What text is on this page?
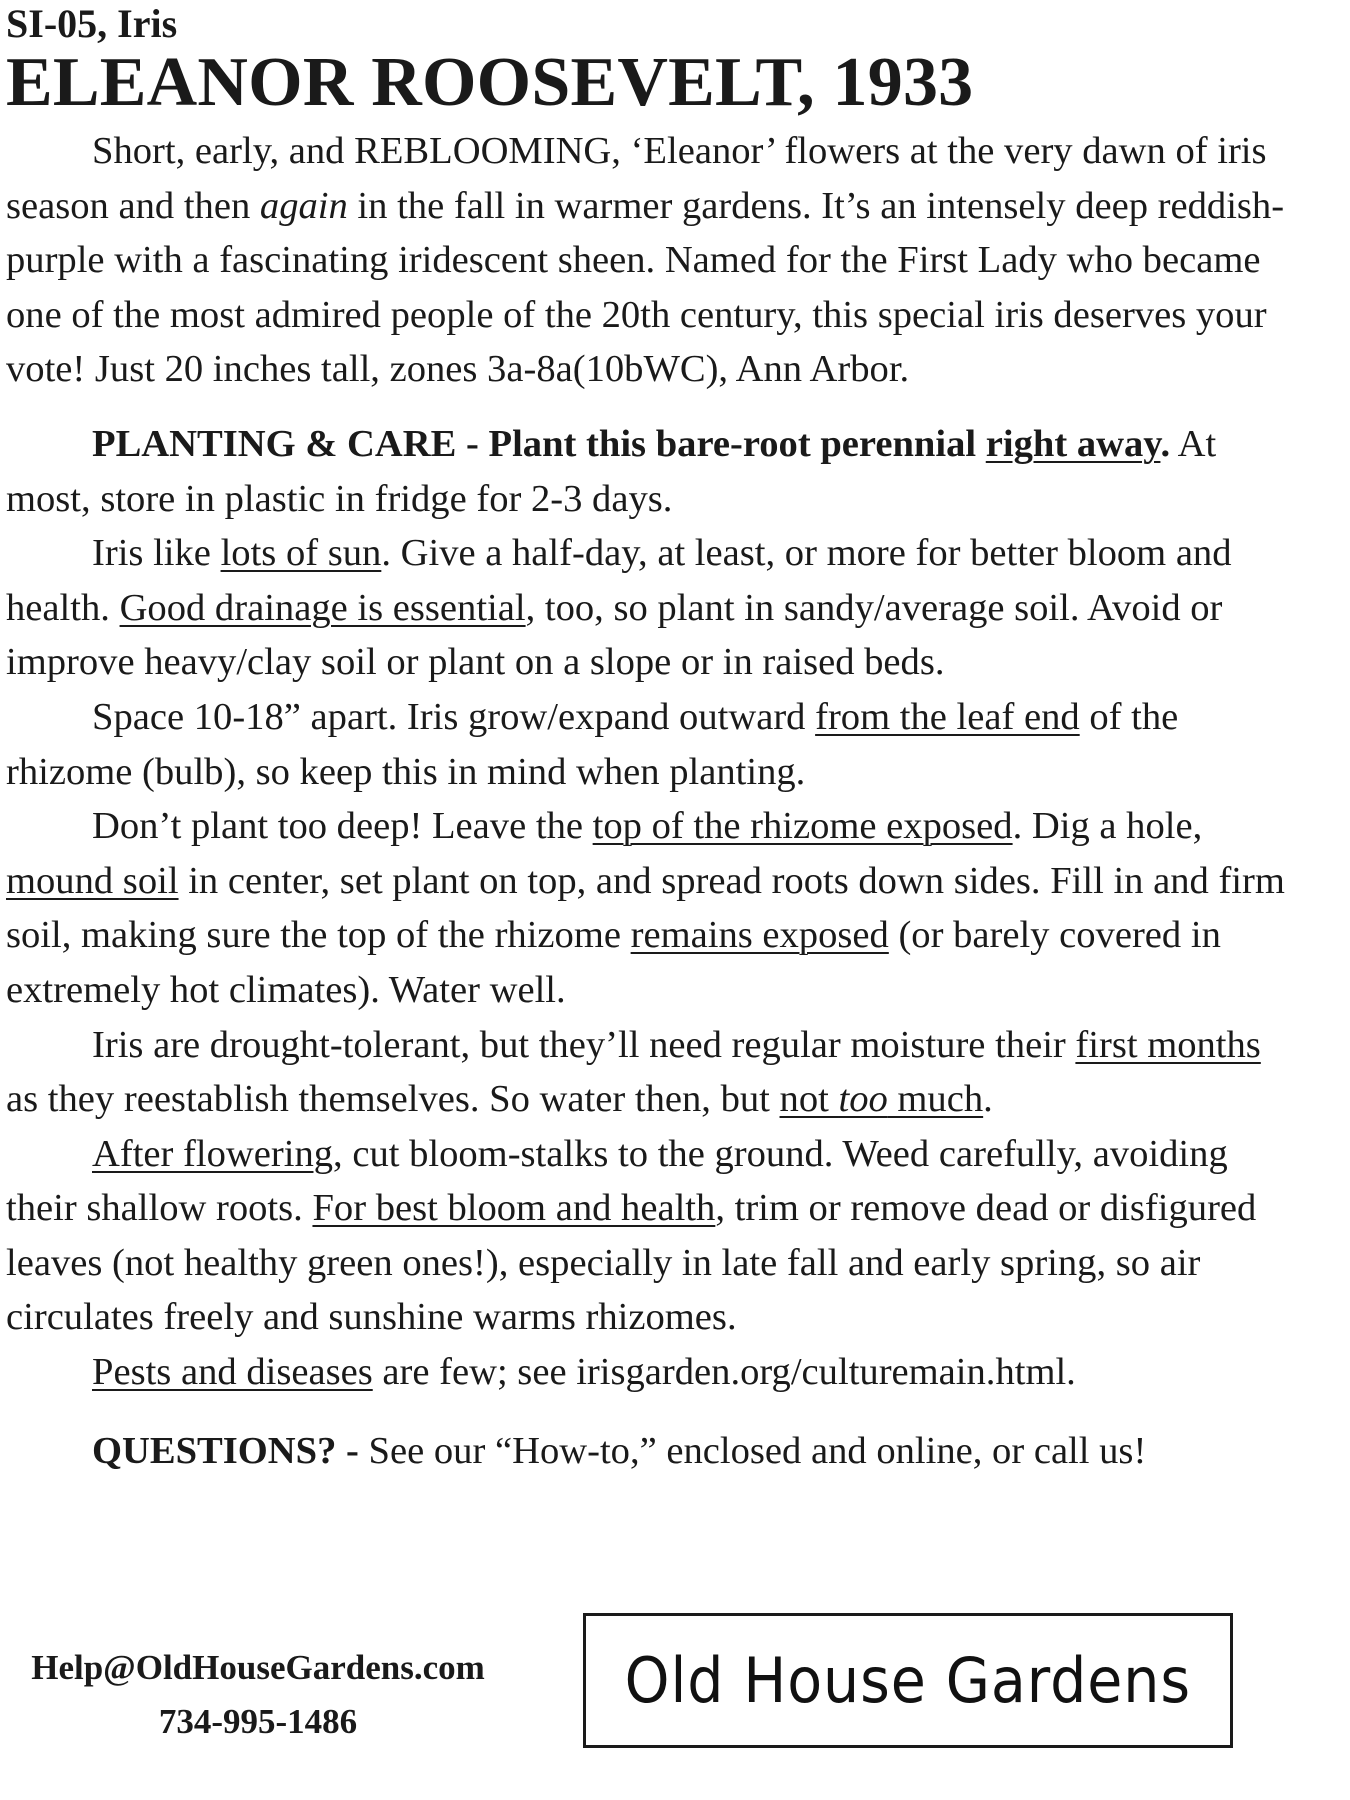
SI-05, Iris

ELEANOR ROOSEVELT, 1933

Short, early, and REBLOOMING, ‘Eleanor’ flowers at the very dawn of iris season and then again in the fall in warmer gardens. It’s an intensely deep reddish-purple with a fascinating iridescent sheen. Named for the First Lady who became one of the most admired people of the 20th century, this special iris deserves your vote! Just 20 inches tall, zones 3a-8a(10bWC), Ann Arbor.

PLANTING & CARE - Plant this bare-root perennial right away. At most, store in plastic in fridge for 2-3 days.

Iris like lots of sun. Give a half-day, at least, or more for better bloom and health. Good drainage is essential, too, so plant in sandy/average soil. Avoid or improve heavy/clay soil or plant on a slope or in raised beds.

Space 10-18” apart. Iris grow/expand outward from the leaf end of the rhizome (bulb), so keep this in mind when planting.

Don’t plant too deep! Leave the top of the rhizome exposed. Dig a hole, mound soil in center, set plant on top, and spread roots down sides. Fill in and firm soil, making sure the top of the rhizome remains exposed (or barely covered in extremely hot climates). Water well.

Iris are drought-tolerant, but they’ll need regular moisture their first months as they reestablish themselves. So water then, but not too much.

After flowering, cut bloom-stalks to the ground. Weed carefully, avoiding their shallow roots. For best bloom and health, trim or remove dead or disfigured leaves (not healthy green ones!), especially in late fall and early spring, so air circulates freely and sunshine warms rhizomes.

Pests and diseases are few; see irisgarden.org/culturemain.html.

QUESTIONS? - See our “How-to,” enclosed and online, or call us!

Help@OldHouseGardens.com
734-995-1486
Old House Gardens
